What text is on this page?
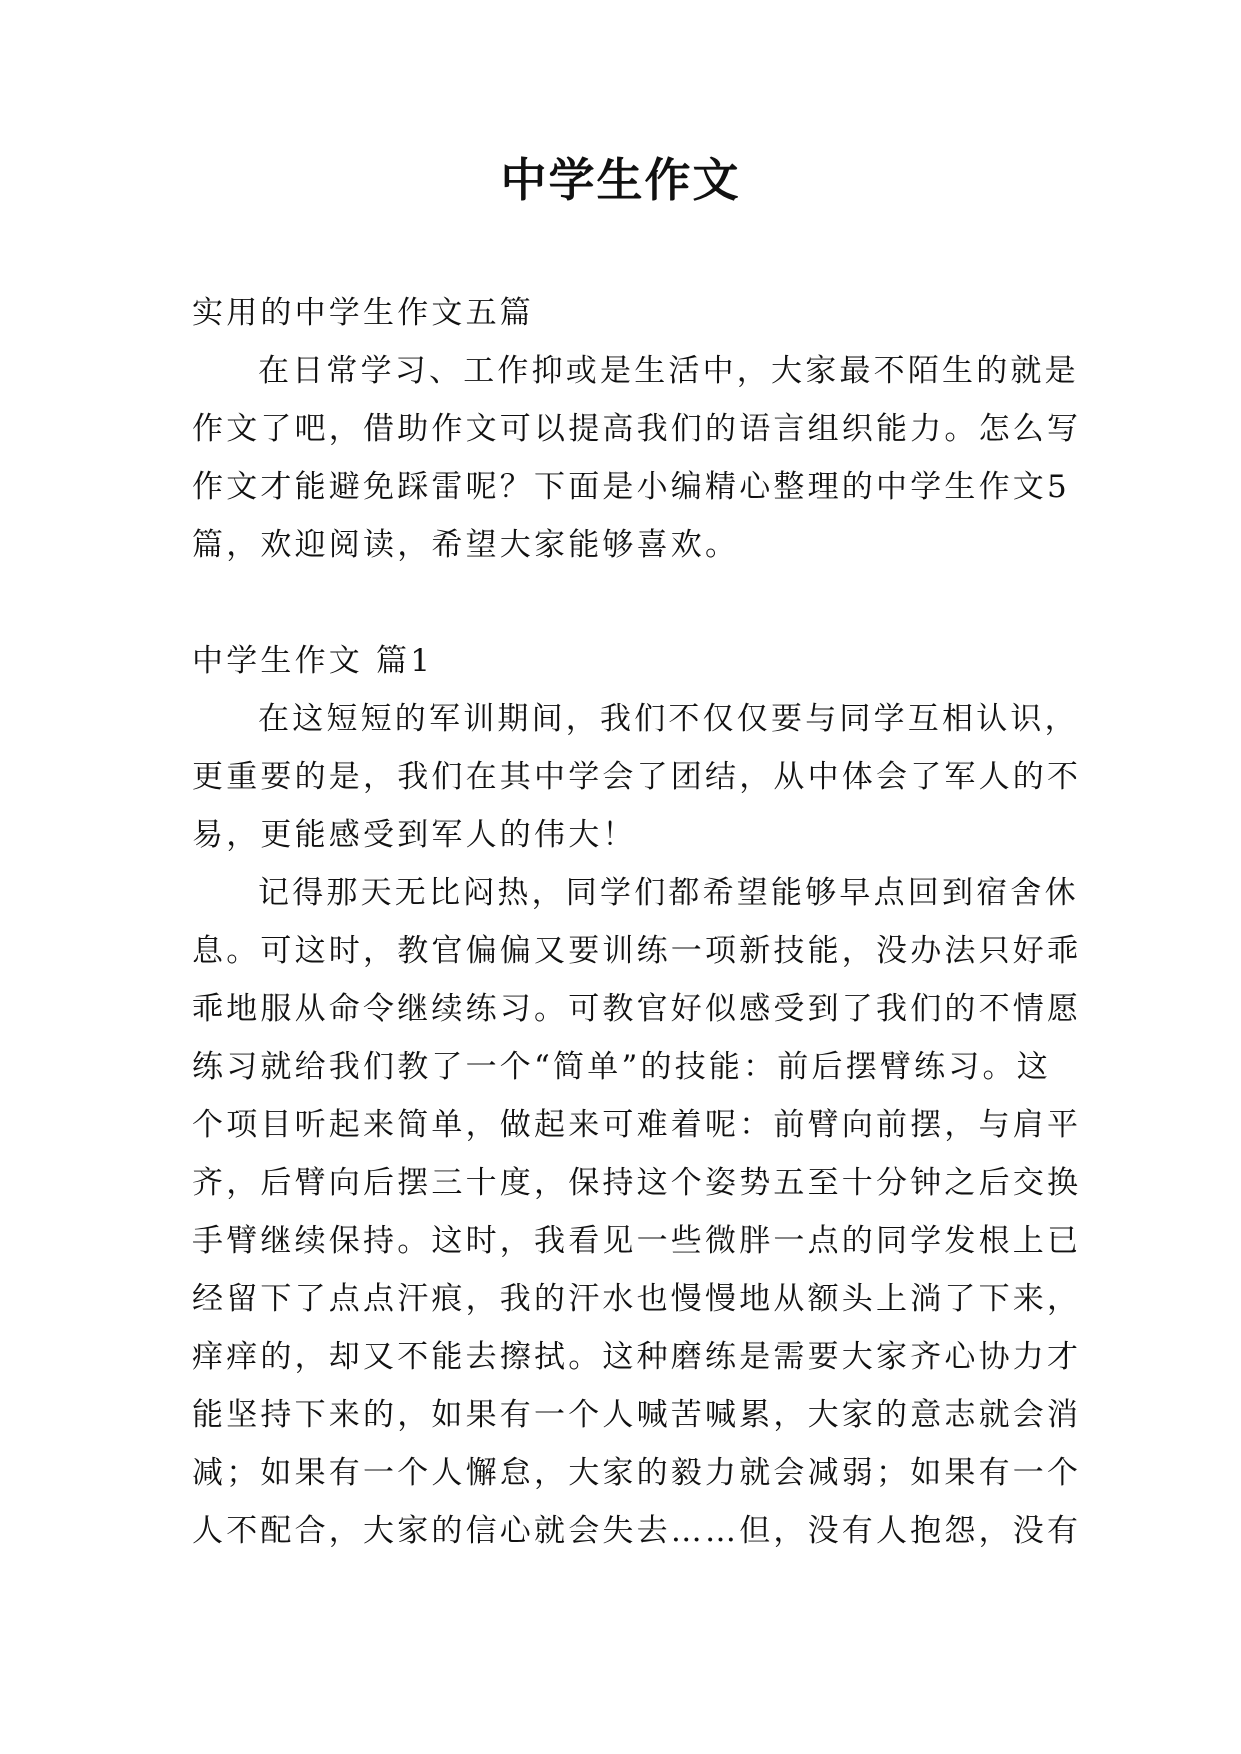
中学生作文

实用的中学生作文五篇

在日常学习、工作抑或是生活中，大家最不陌生的就是

作文了吧，借助作文可以提高我们的语言组织能力。怎么写

作文才能避免踩雷呢？下面是小编精心整理的中学生作文5

篇，欢迎阅读，希望大家能够喜欢。

中学生作文 篇1

在这短短的军训期间，我们不仅仅要与同学互相认识，

更重要的是，我们在其中学会了团结，从中体会了军人的不

易，更能感受到军人的伟大！

记得那天无比闷热，同学们都希望能够早点回到宿舍休

息。可这时，教官偏偏又要训练一项新技能，没办法只好乖

乖地服从命令继续练习。可教官好似感受到了我们的不情愿

练习就给我们教了一个“简单”的技能：前后摆臂练习。这

个项目听起来简单，做起来可难着呢：前臂向前摆，与肩平

齐，后臂向后摆三十度，保持这个姿势五至十分钟之后交换

手臂继续保持。这时，我看见一些微胖一点的同学发根上已

经留下了点点汗痕，我的汗水也慢慢地从额头上淌了下来，

痒痒的，却又不能去擦拭。这种磨练是需要大家齐心协力才

能坚持下来的，如果有一个人喊苦喊累，大家的意志就会消

减；如果有一个人懈怠，大家的毅力就会减弱；如果有一个

人不配合，大家的信心就会失去……但，没有人抱怨，没有
